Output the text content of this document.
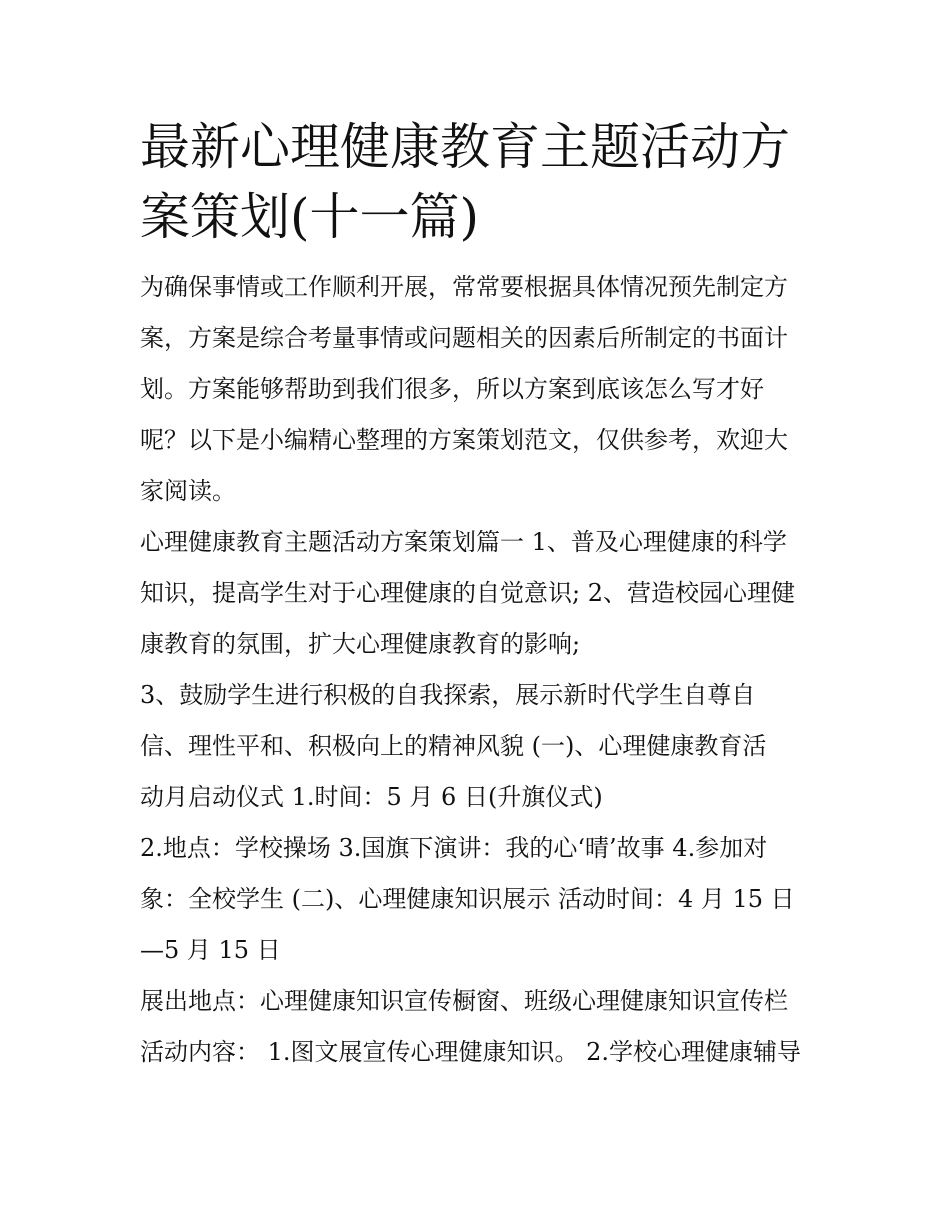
最新心理健康教育主题活动方
案策划(十一篇)
为确保事情或工作顺利开展，常常要根据具体情况预先制定方
案，方案是综合考量事情或问题相关的因素后所制定的书面计
划。方案能够帮助到我们很多，所以方案到底该怎么写才好
呢？以下是小编精心整理的方案策划范文，仅供参考，欢迎大
家阅读。
心理健康教育主题活动方案策划篇一 1、普及心理健康的科学
知识，提高学生对于心理健康的自觉意识; 2、营造校园心理健
康教育的氛围，扩大心理健康教育的影响;
3、鼓励学生进行积极的自我探索，展示新时代学生自尊自
信、理性平和、积极向上的精神风貌 (一)、心理健康教育活
动月启动仪式 1.时间：5 月 6 日(升旗仪式)
2.地点：学校操场 3.国旗下演讲：我的心‘晴’故事 4.参加对
象：全校学生 (二)、心理健康知识展示 活动时间：4 月 15 日
—5 月 15 日
展出地点：心理健康知识宣传橱窗、班级心理健康知识宣传栏
活动内容： 1.图文展宣传心理健康知识。 2.学校心理健康辅导
